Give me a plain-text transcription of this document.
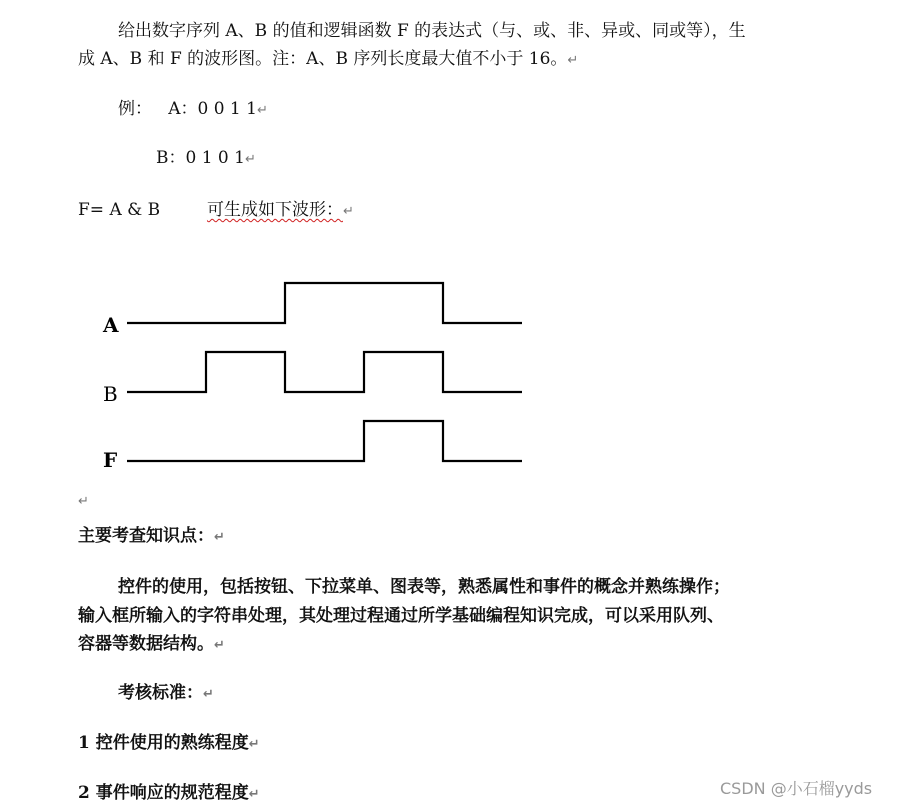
给出数字序列 A、B 的值和逻辑函数 F 的表达式（与、或、非、异或、同或等），生
成 A、B 和 F 的波形图。注：A、B 序列长度最大值不小于 16。↵
例： A：0 0 1 1↵
B：0 1 0 1↵
F= A & B	可生成如下波形：↵
A
B
F
↵
主要考查知识点：↵
控件的使用，包括按钮、下拉菜单、图表等，熟悉属性和事件的概念并熟练操作；
输入框所输入的字符串处理，其处理过程通过所学基础编程知识完成，可以采用队列、
容器等数据结构。↵
考核标准：↵
1 控件使用的熟练程度↵
2 事件响应的规范程度↵	CSDN @小石榴yyds
